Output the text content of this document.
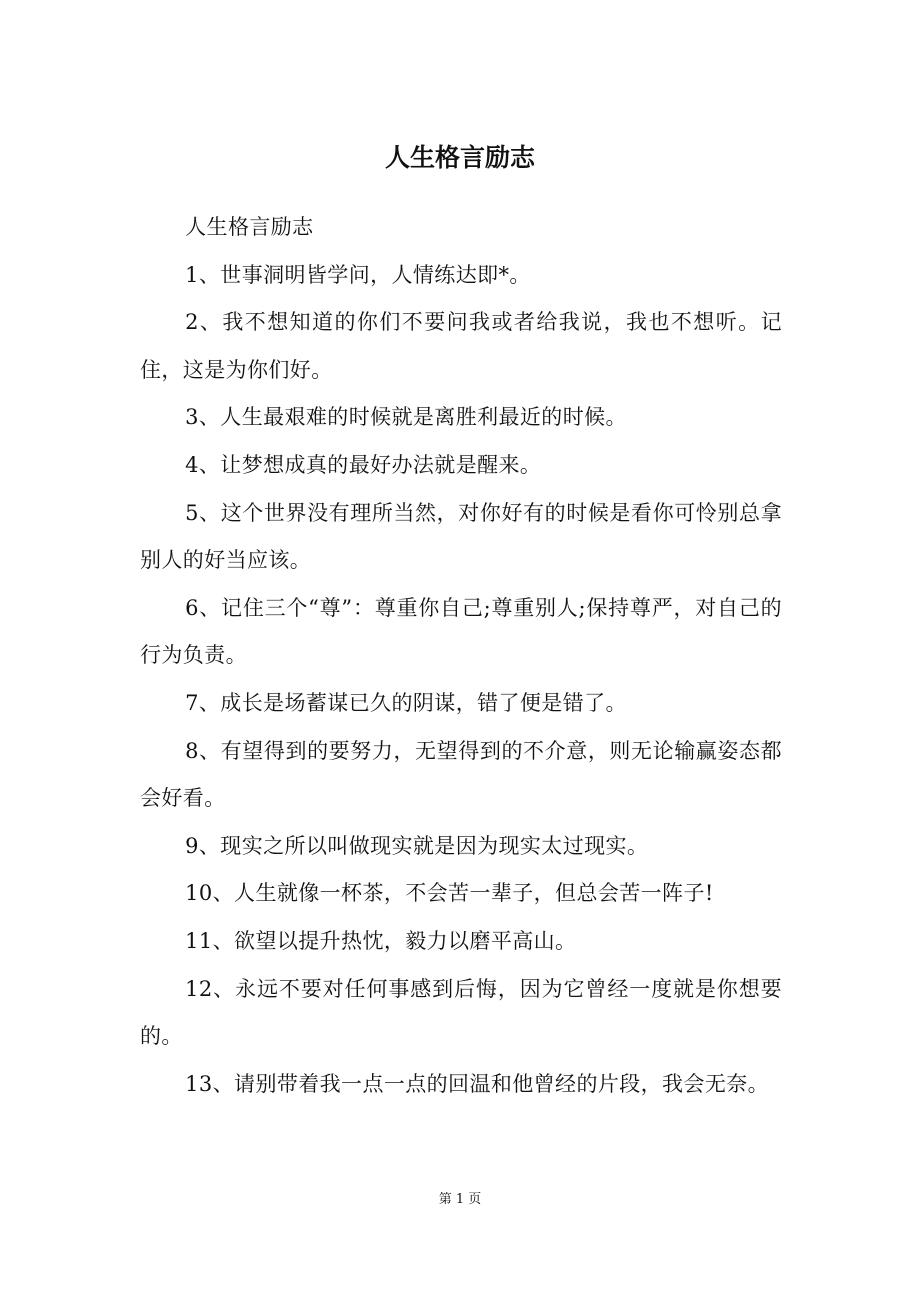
人生格言励志

人生格言励志

1、世事洞明皆学问，人情练达即*。

2、我不想知道的你们不要问我或者给我说，我也不想听。记住，这是为你们好。

3、人生最艰难的时候就是离胜利最近的时候。

4、让梦想成真的最好办法就是醒来。

5、这个世界没有理所当然，对你好有的时候是看你可怜别总拿别人的好当应该。

6、记住三个“尊”：尊重你自己;尊重别人;保持尊严，对自己的行为负责。

7、成长是场蓄谋已久的阴谋，错了便是错了。

8、有望得到的要努力，无望得到的不介意，则无论输赢姿态都会好看。

9、现实之所以叫做现实就是因为现实太过现实。

10、人生就像一杯茶，不会苦一辈子，但总会苦一阵子!

11、欲望以提升热忱，毅力以磨平高山。

12、永远不要对任何事感到后悔，因为它曾经一度就是你想要的。

13、请别带着我一点一点的回温和他曾经的片段，我会无奈。

第 1 页
